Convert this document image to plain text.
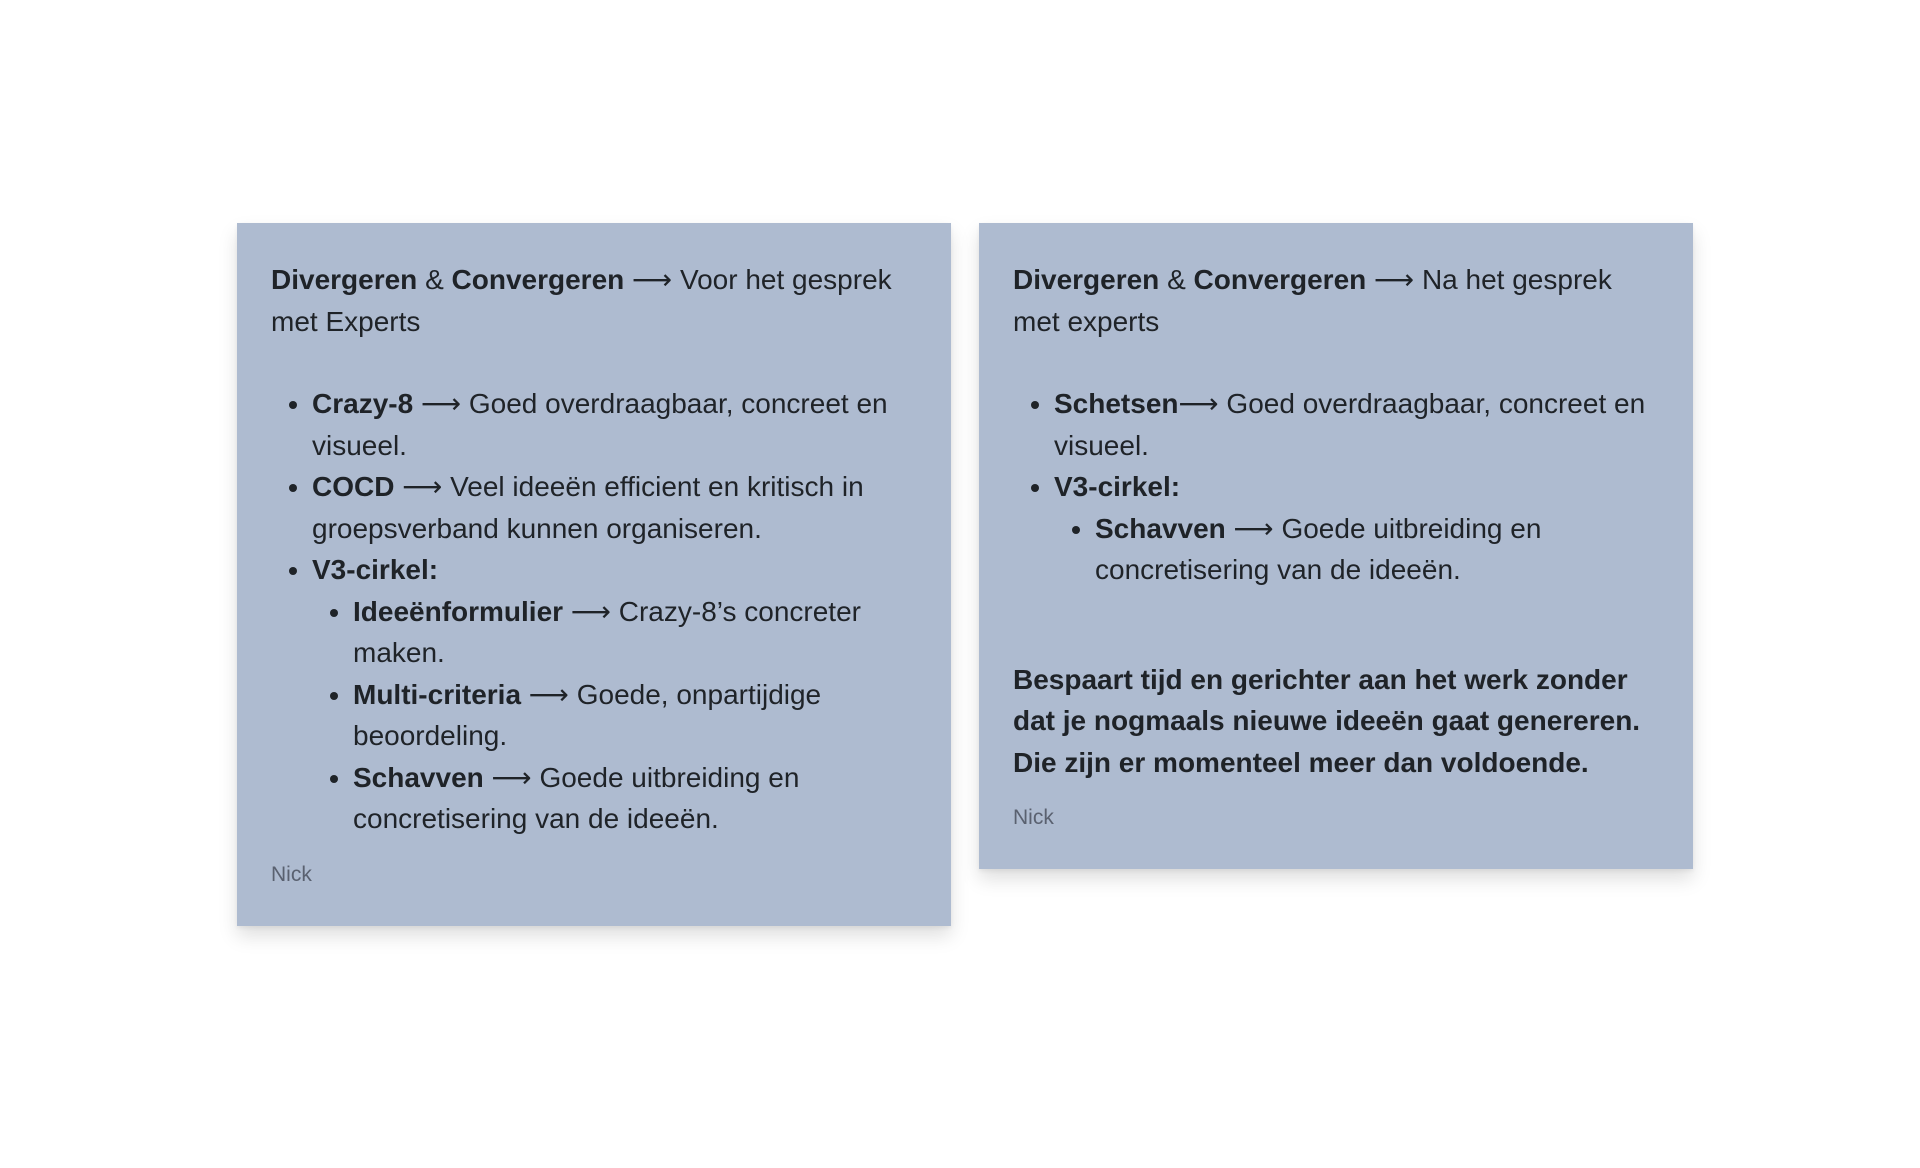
Divergeren & Convergeren ⟶ Voor het gesprek met Experts

• Crazy-8 ⟶ Goed overdraagbaar, concreet en visueel.
• COCD ⟶ Veel ideeën efficient en kritisch in groepsverband kunnen organiseren.
• V3-cirkel:
• Ideeënformulier ⟶ Crazy-8’s concreter maken.
• Multi-criteria ⟶ Goede, onpartijdige beoordeling.
• Schavven ⟶ Goede uitbreiding en concretisering van de ideeën.
Nick

Divergeren & Convergeren ⟶ Na het gesprek met experts

• Schetsen⟶ Goed overdraagbaar, concreet en visueel.
• V3-cirkel:
• Schavven ⟶ Goede uitbreiding en concretisering van de ideeën.

Bespaart tijd en gerichter aan het werk zonder dat je nogmaals nieuwe ideeën gaat genereren. Die zijn er momenteel meer dan voldoende.

Nick
